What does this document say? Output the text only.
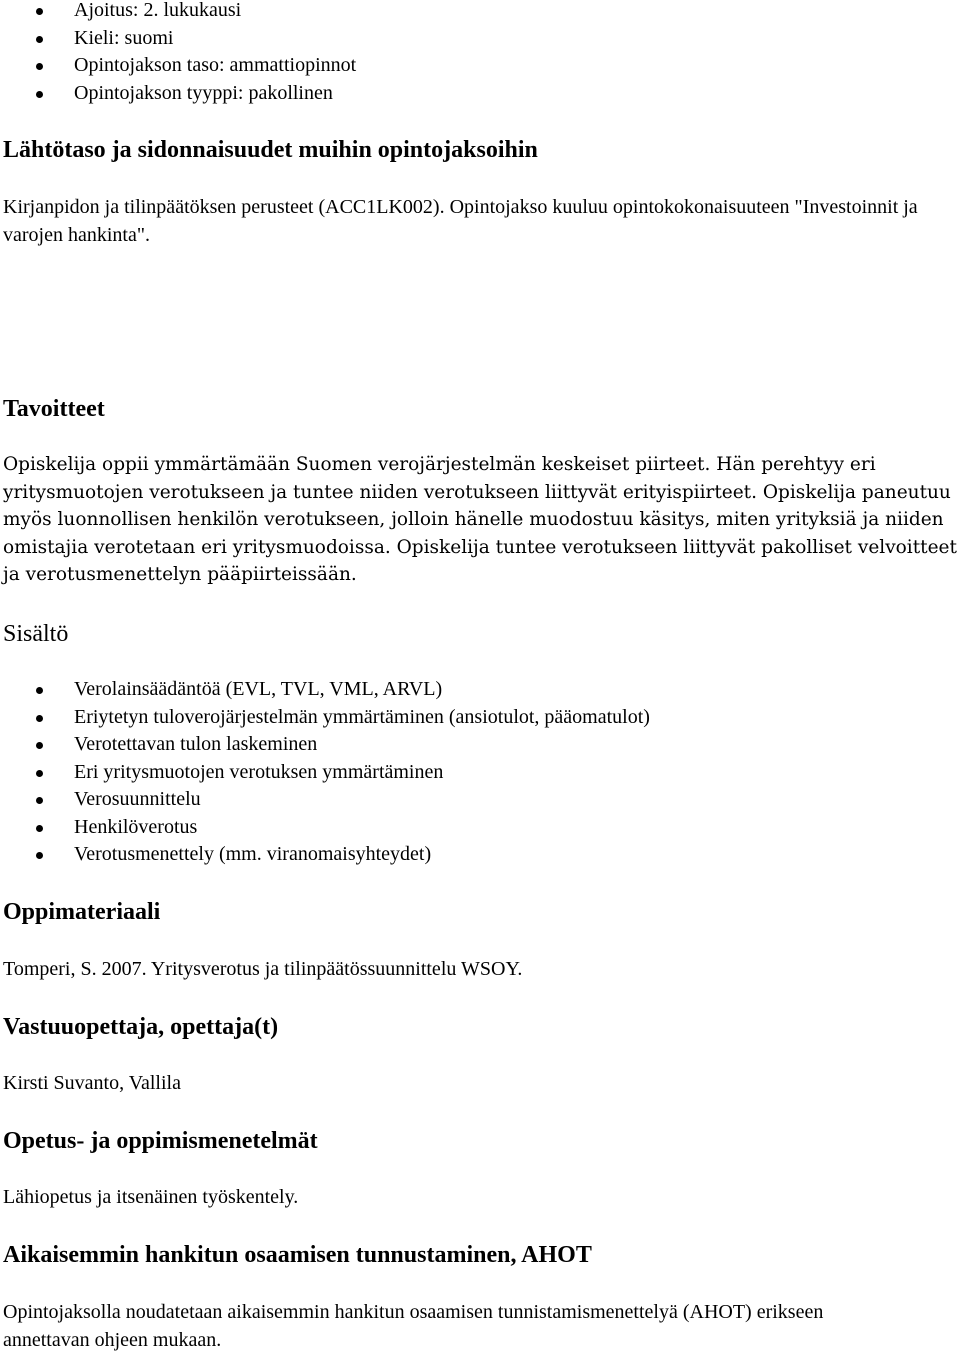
Ajoitus: 2. lukukausi
Kieli: suomi
Opintojakson taso: ammattiopinnot
Opintojakson tyyppi: pakollinen
Lähtötaso ja sidonnaisuudet muihin opintojaksoihin

Kirjanpidon ja tilinpäätöksen perusteet (ACC1LK002). Opintojakso kuuluu opintokokonaisuuteen "Investoinnit ja varojen hankinta".

Tavoitteet

Opiskelija oppii ymmärtämään Suomen verojärjestelmän keskeiset piirteet. Hän perehtyy eri yritysmuotojen verotukseen ja tuntee niiden verotukseen liittyvät erityispiirteet. Opiskelija paneutuu myös luonnollisen henkilön verotukseen, jolloin hänelle muodostuu käsitys, miten yrityksiä ja niiden omistajia verotetaan eri yritysmuodoissa. Opiskelija tuntee verotukseen liittyvät pakolliset velvoitteet ja verotusmenettelyn pääpiirteissään.

Sisältö
Verolainsäädäntöä (EVL, TVL, VML, ARVL)
Eriytetyn tuloverojärjestelmän ymmärtäminen (ansiotulot, pääomatulot)
Verotettavan tulon laskeminen
Eri yritysmuotojen verotuksen ymmärtäminen
Verosuunnittelu
Henkilöverotus
Verotusmenettely (mm. viranomaisyhteydet)
Oppimateriaali

Tomperi, S. 2007. Yritysverotus ja tilinpäätössuunnittelu WSOY.

Vastuuopettaja, opettaja(t)

Kirsti Suvanto, Vallila

Opetus- ja oppimismenetelmät

Lähiopetus ja itsenäinen työskentely.

Aikaisemmin hankitun osaamisen tunnustaminen, AHOT

Opintojaksolla noudatetaan aikaisemmin hankitun osaamisen tunnistamismenettelyä (AHOT) erikseen annettavan ohjeen mukaan.
